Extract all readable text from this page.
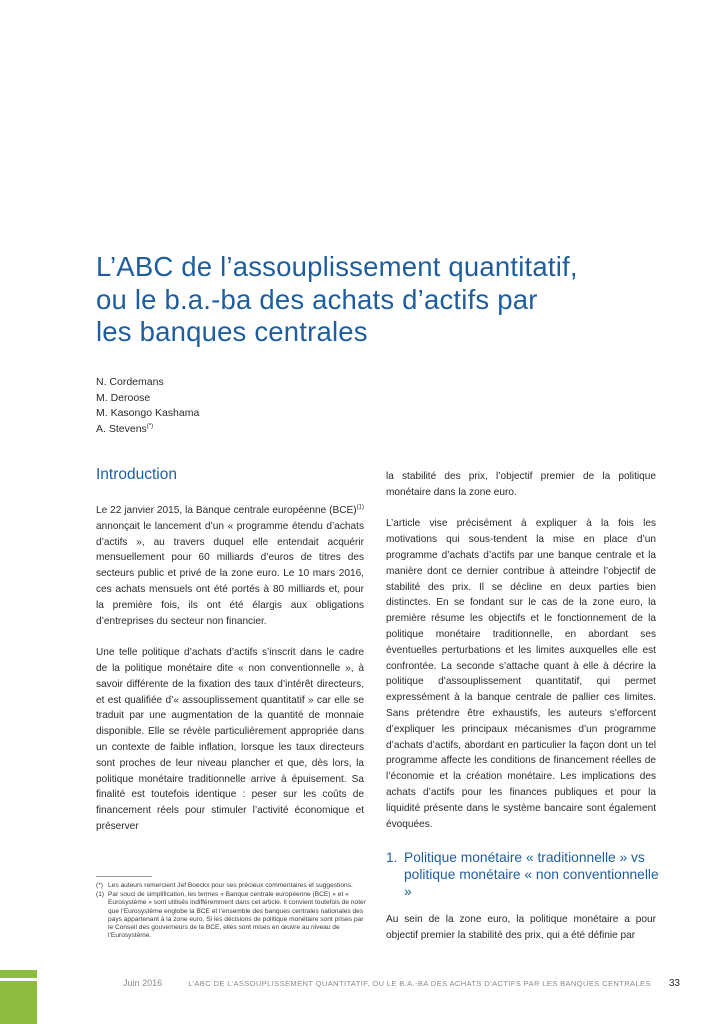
L’ABC de l’assouplissement quantitatif,
ou le b.a.-ba des achats d’actifs par
les banques centrales
N. Cordemans
M. Deroose
M. Kasongo Kashama
A. Stevens(*)
Introduction

Le 22 janvier 2015, la Banque centrale européenne (BCE)$^{(1)}$ annonçait le lancement d’un « programme étendu d’achats d’actifs », au travers duquel elle entendait acquérir mensuellement pour 60 milliards d’euros de titres des secteurs public et privé de la zone euro. Le 10 mars 2016, ces achats mensuels ont été portés à 80 milliards et, pour la première fois, ils ont été élargis aux obligations d’entreprises du secteur non financier.

Une telle politique d’achats d’actifs s’inscrit dans le cadre de la politique monétaire dite « non conventionnelle », à savoir différente de la fixation des taux d’intérêt directeurs, et est qualifiée d’« assouplissement quantitatif » car elle se traduit par une augmentation de la quantité de monnaie disponible. Elle se révèle particulièrement appropriée dans un contexte de faible inflation, lorsque les taux directeurs sont proches de leur niveau plancher et que, dès lors, la politique monétaire traditionnelle arrive à épuisement. Sa finalité est toutefois identique : peser sur les coûts de financement réels pour stimuler l’activité économique et préserver

la stabilité des prix, l’objectif premier de la politique monétaire dans la zone euro.

L’article vise précisément à expliquer à la fois les motivations qui sous-tendent la mise en place d’un programme d’achats d’actifs par une banque centrale et la manière dont ce dernier contribue à atteindre l’objectif de stabilité des prix. Il se décline en deux parties bien distinctes. En se fondant sur le cas de la zone euro, la première résume les objectifs et le fonctionnement de la politique monétaire traditionnelle, en abordant ses éventuelles perturbations et les limites auxquelles elle est confrontée. La seconde s’attache quant à elle à décrire la politique d’assouplissement quantitatif, qui permet expressément à la banque centrale de pallier ces limites. Sans prétendre être exhaustifs, les auteurs s’efforcent d’expliquer les principaux mécanismes d’un programme d’achats d’actifs, abordant en particulier la façon dont un tel programme affecte les conditions de financement réelles de l’économie et la création monétaire. Les implications des achats d’actifs pour les finances publiques et pour la liquidité présente dans le système bancaire sont également évoquées.

1. Politique monétaire « traditionnelle » vs politique monétaire « non conventionnelle »

Au sein de la zone euro, la politique monétaire a pour objectif premier la stabilité des prix, qui a été définie par

(*) Les auteurs remercient Jef Boeckx pour ses précieux commentaires et suggestions.
(1) Par souci de simplification, les termes « Banque centrale européenne (BCE) » et « Eurosystème » sont utilisés indifféremment dans cet article. Il convient toutefois de noter que l’Eurosystème englobe la BCE et l’ensemble des banques centrales nationales des pays appartenant à la zone euro. Si les décisions de politique monétaire sont prises par le Conseil des gouverneurs de la BCE, elles sont mises en œuvre au niveau de l’Eurosystème.
Juin 2016	L’ABC DE L’ASSOUPLISSEMENT QUANTITATIF, OU LE B.A.-BA DES ACHATS D’ACTIFS PAR LES BANQUES CENTRALES 33
